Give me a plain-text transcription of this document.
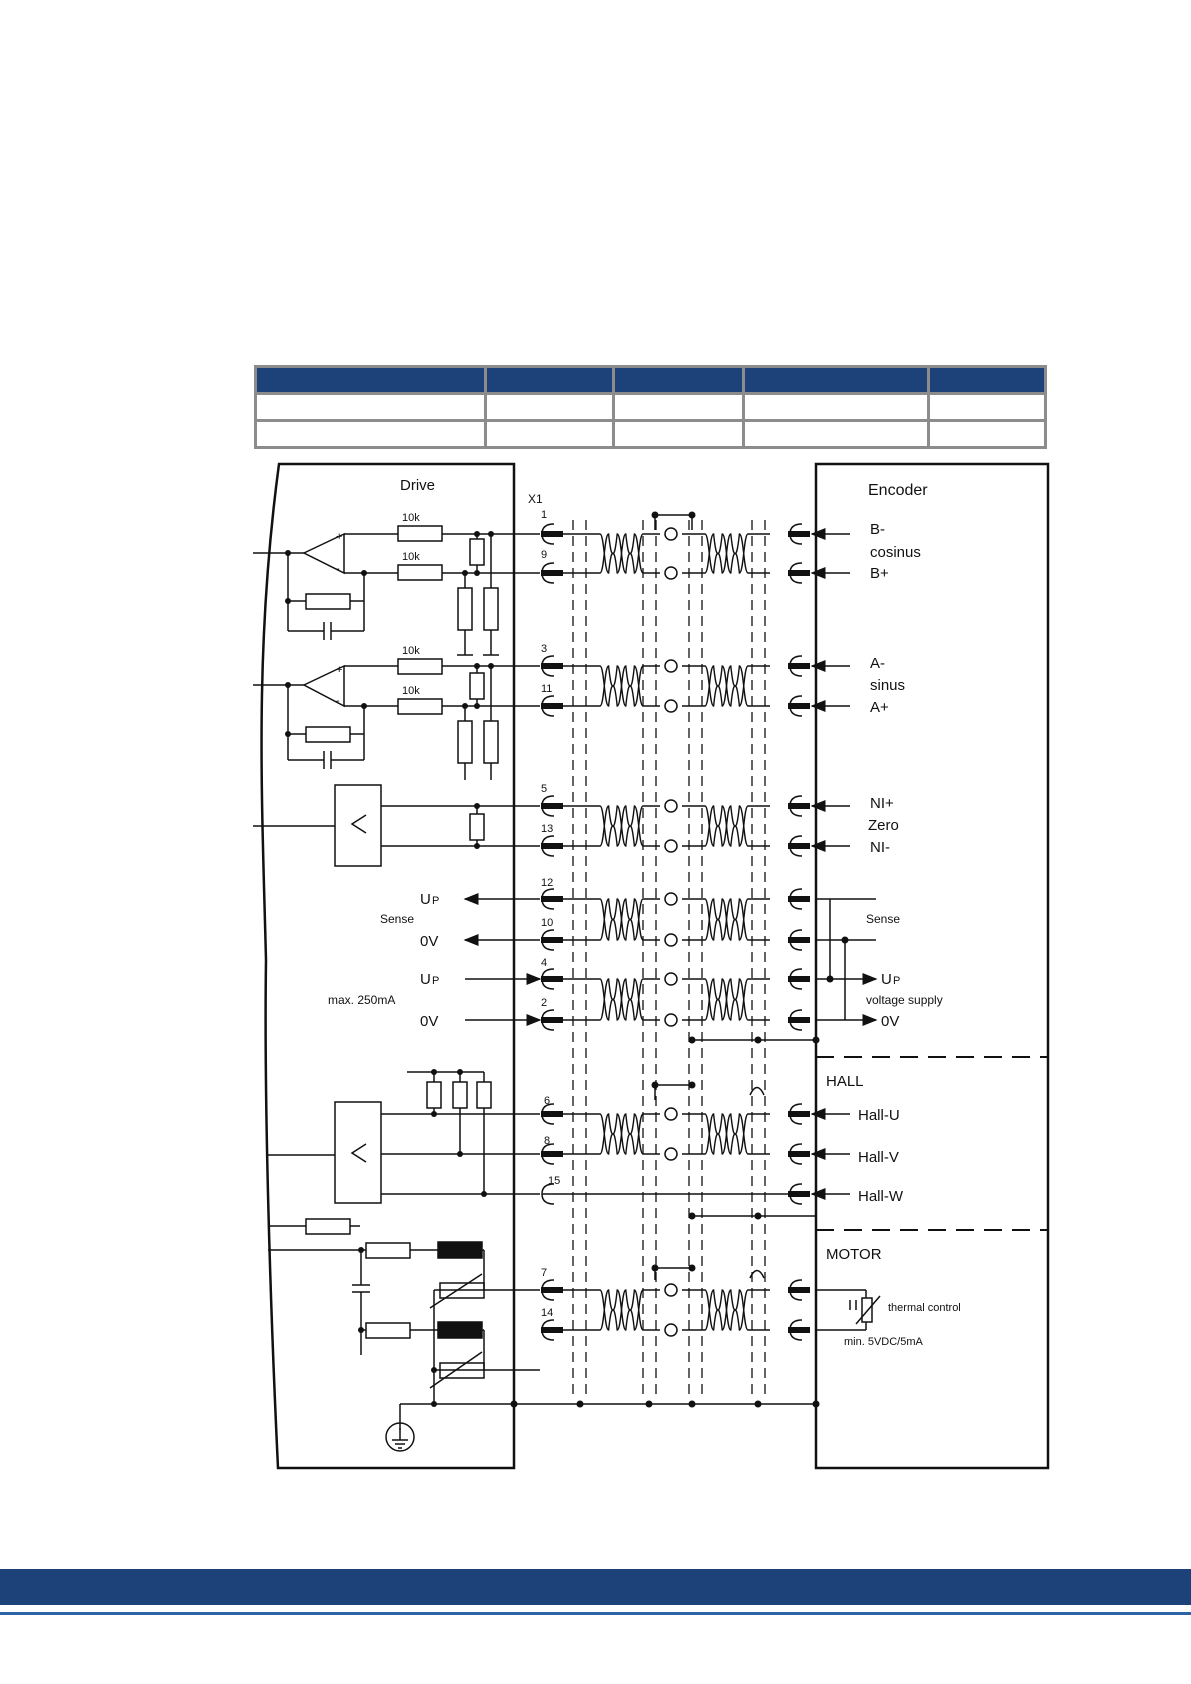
Drive	Encoder
X1
1
9
3
11
5
13
12
10
4
2
6
8
15
7
14
B-
cosinus
B+
A-
sinus
A+
NI+
Zero
NI-
Sense
U P
voltage supply
0V
U P
Sense
0V
U P
max. 250mA
0V
10k
10k
+
-
10k
10k
+
-
HALL
Hall-U
Hall-V
Hall-W
MOTOR
thermal control
min. 5VDC/5mA
